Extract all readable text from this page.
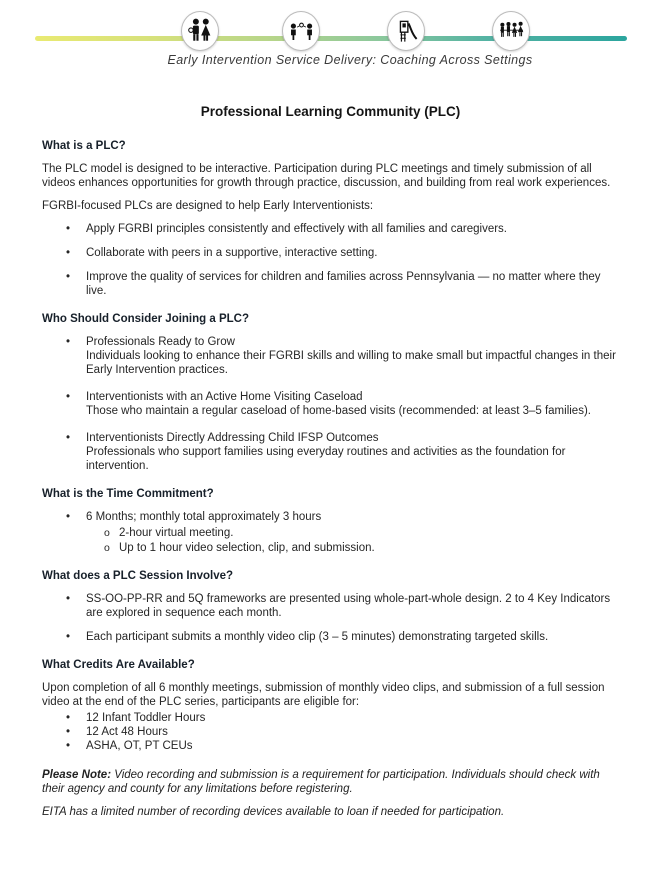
Early Intervention Service Delivery: Coaching Across Settings
Professional Learning Community (PLC)
What is a PLC?

The PLC model is designed to be interactive. Participation during PLC meetings and timely submission of all videos enhances opportunities for growth through practice, discussion, and building from real work experiences.

FGRBI-focused PLCs are designed to help Early Interventionists:

• Apply FGRBI principles consistently and effectively with all families and caregivers.
• Collaborate with peers in a supportive, interactive setting.
• Improve the quality of services for children and families across Pennsylvania — no matter where they live.
Who Should Consider Joining a PLC?
• Professionals Ready to Grow
Individuals looking to enhance their FGRBI skills and willing to make small but impactful changes in their Early Intervention practices.
• Interventionists with an Active Home Visiting Caseload
Those who maintain a regular caseload of home-based visits (recommended: at least 3–5 families).
• Interventionists Directly Addressing Child IFSP Outcomes
Professionals who support families using everyday routines and activities as the foundation for intervention.
What is the Time Commitment?
• 6 Months; monthly total approximately 3 hours
o 2-hour virtual meeting.
o Up to 1 hour video selection, clip, and submission.
What does a PLC Session Involve?
• SS-OO-PP-RR and 5Q frameworks are presented using whole-part-whole design. 2 to 4 Key Indicators are explored in sequence each month.
• Each participant submits a monthly video clip (3 – 5 minutes) demonstrating targeted skills.
What Credits Are Available?

Upon completion of all 6 monthly meetings, submission of monthly video clips, and submission of a full session video at the end of the PLC series, participants are eligible for:

• 12 Infant Toddler Hours
• 12 Act 48 Hours
• ASHA, OT, PT CEUs

Please Note: Video recording and submission is a requirement for participation. Individuals should check with their agency and county for any limitations before registering.

EITA has a limited number of recording devices available to loan if needed for participation.
